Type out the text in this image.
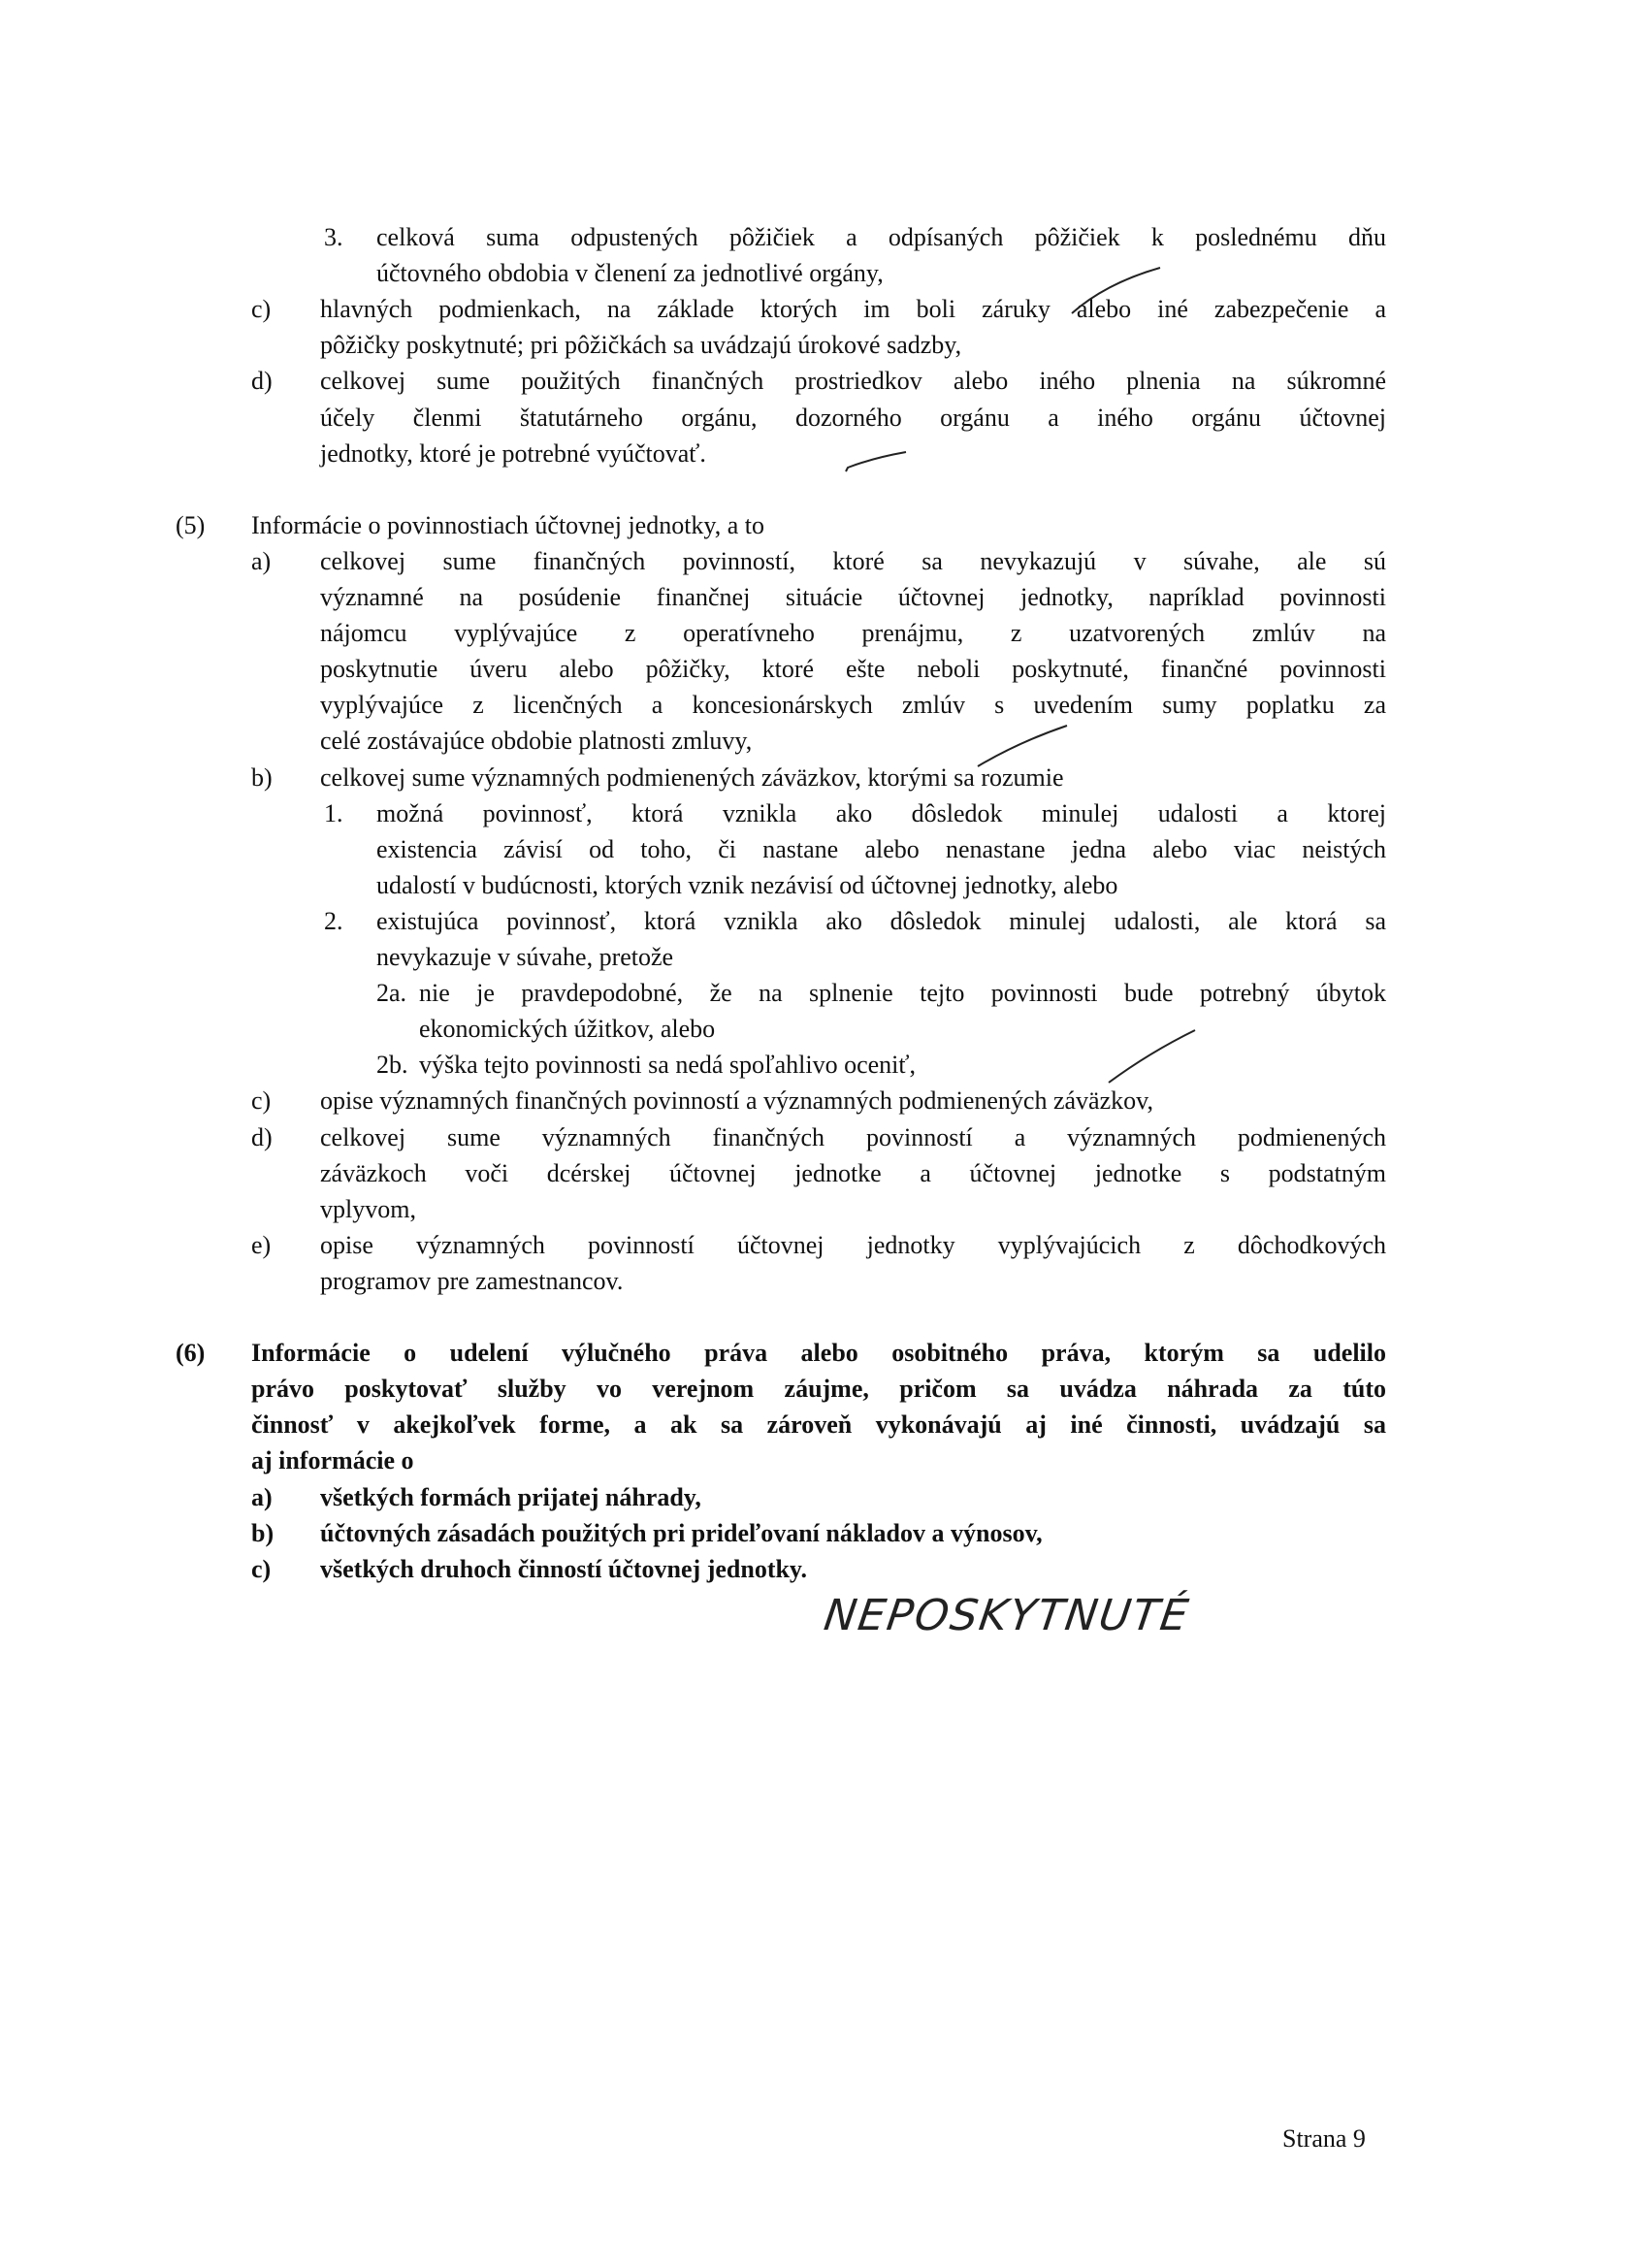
3. celková suma odpustených pôžičiek a odpísaných pôžičiek k poslednému dňu
účtovného obdobia v členení za jednotlivé orgány,
c) hlavných podmienkach, na základe ktorých im boli záruky alebo iné zabezpečenie a
pôžičky poskytnuté; pri pôžičkách sa uvádzajú úrokové sadzby,
d) celkovej sume použitých finančných prostriedkov alebo iného plnenia na súkromné
účely členmi štatutárneho orgánu, dozorného orgánu a iného orgánu účtovnej
jednotky, ktoré je potrebné vyúčtovať.
(5) Informácie o povinnostiach účtovnej jednotky, a to
a) celkovej sume finančných povinností, ktoré sa nevykazujú v súvahe, ale sú
významné na posúdenie finančnej situácie účtovnej jednotky, napríklad povinnosti
nájomcu vyplývajúce z operatívneho prenájmu, z uzatvorených zmlúv na
poskytnutie úveru alebo pôžičky, ktoré ešte neboli poskytnuté, finančné povinnosti
vyplývajúce z licenčných a koncesionárskych zmlúv s uvedením sumy poplatku za
celé zostávajúce obdobie platnosti zmluvy,
b) celkovej sume významných podmienených záväzkov, ktorými sa rozumie
1. možná povinnosť, ktorá vznikla ako dôsledok minulej udalosti a ktorej
existencia závisí od toho, či nastane alebo nenastane jedna alebo viac neistých
udalostí v budúcnosti, ktorých vznik nezávisí od účtovnej jednotky, alebo
2. existujúca povinnosť, ktorá vznikla ako dôsledok minulej udalosti, ale ktorá sa
nevykazuje v súvahe, pretože
2a. nie je pravdepodobné, že na splnenie tejto povinnosti bude potrebný úbytok
ekonomických úžitkov, alebo
2b. výška tejto povinnosti sa nedá spoľahlivo oceniť,
c) opise významných finančných povinností a významných podmienených záväzkov,
d) celkovej sume významných finančných povinností a významných podmienených
záväzkoch voči dcérskej účtovnej jednotke a účtovnej jednotke s podstatným
vplyvom,
e) opise významných povinností účtovnej jednotky vyplývajúcich z dôchodkových
programov pre zamestnancov.
(6) Informácie o udelení výlučného práva alebo osobitného práva, ktorým sa udelilo
právo poskytovať služby vo verejnom záujme, pričom sa uvádza náhrada za túto
činnosť v akejkoľvek forme, a ak sa zároveň vykonávajú aj iné činnosti, uvádzajú sa
aj informácie o
a) všetkých formách prijatej náhrady,
b) účtovných zásadách použitých pri prideľovaní nákladov a výnosov,
c) všetkých druhoch činností účtovnej jednotky.
NEPOSKYTNUTÉ
Strana 9
